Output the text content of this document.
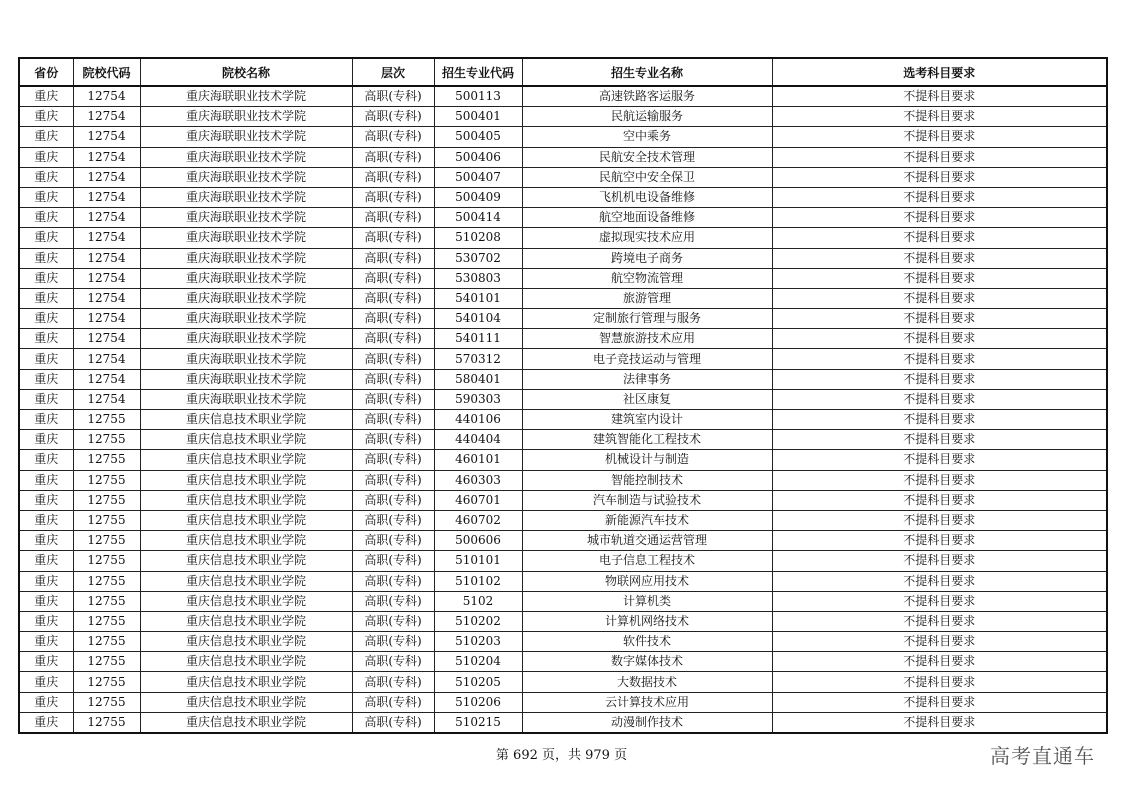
省份	院校代码	院校名称	层次	招生专业代码	招生专业名称	选考科目要求
重庆	12754	重庆海联职业技术学院	高职(专科)	500113	高速铁路客运服务	不提科目要求
重庆	12754	重庆海联职业技术学院	高职(专科)	500401	民航运输服务	不提科目要求
重庆	12754	重庆海联职业技术学院	高职(专科)	500405	空中乘务	不提科目要求
重庆	12754	重庆海联职业技术学院	高职(专科)	500406	民航安全技术管理	不提科目要求
重庆	12754	重庆海联职业技术学院	高职(专科)	500407	民航空中安全保卫	不提科目要求
重庆	12754	重庆海联职业技术学院	高职(专科)	500409	飞机机电设备维修	不提科目要求
重庆	12754	重庆海联职业技术学院	高职(专科)	500414	航空地面设备维修	不提科目要求
重庆	12754	重庆海联职业技术学院	高职(专科)	510208	虚拟现实技术应用	不提科目要求
重庆	12754	重庆海联职业技术学院	高职(专科)	530702	跨境电子商务	不提科目要求
重庆	12754	重庆海联职业技术学院	高职(专科)	530803	航空物流管理	不提科目要求
重庆	12754	重庆海联职业技术学院	高职(专科)	540101	旅游管理	不提科目要求
重庆	12754	重庆海联职业技术学院	高职(专科)	540104	定制旅行管理与服务	不提科目要求
重庆	12754	重庆海联职业技术学院	高职(专科)	540111	智慧旅游技术应用	不提科目要求
重庆	12754	重庆海联职业技术学院	高职(专科)	570312	电子竞技运动与管理	不提科目要求
重庆	12754	重庆海联职业技术学院	高职(专科)	580401	法律事务	不提科目要求
重庆	12754	重庆海联职业技术学院	高职(专科)	590303	社区康复	不提科目要求
重庆	12755	重庆信息技术职业学院	高职(专科)	440106	建筑室内设计	不提科目要求
重庆	12755	重庆信息技术职业学院	高职(专科)	440404	建筑智能化工程技术	不提科目要求
重庆	12755	重庆信息技术职业学院	高职(专科)	460101	机械设计与制造	不提科目要求
重庆	12755	重庆信息技术职业学院	高职(专科)	460303	智能控制技术	不提科目要求
重庆	12755	重庆信息技术职业学院	高职(专科)	460701	汽车制造与试验技术	不提科目要求
重庆	12755	重庆信息技术职业学院	高职(专科)	460702	新能源汽车技术	不提科目要求
重庆	12755	重庆信息技术职业学院	高职(专科)	500606	城市轨道交通运营管理	不提科目要求
重庆	12755	重庆信息技术职业学院	高职(专科)	510101	电子信息工程技术	不提科目要求
重庆	12755	重庆信息技术职业学院	高职(专科)	510102	物联网应用技术	不提科目要求
重庆	12755	重庆信息技术职业学院	高职(专科)	5102	计算机类	不提科目要求
重庆	12755	重庆信息技术职业学院	高职(专科)	510202	计算机网络技术	不提科目要求
重庆	12755	重庆信息技术职业学院	高职(专科)	510203	软件技术	不提科目要求
重庆	12755	重庆信息技术职业学院	高职(专科)	510204	数字媒体技术	不提科目要求
重庆	12755	重庆信息技术职业学院	高职(专科)	510205	大数据技术	不提科目要求
重庆	12755	重庆信息技术职业学院	高职(专科)	510206	云计算技术应用	不提科目要求
重庆	12755	重庆信息技术职业学院	高职(专科)	510215	动漫制作技术	不提科目要求
第 692 页，共 979 页	高考直通车
